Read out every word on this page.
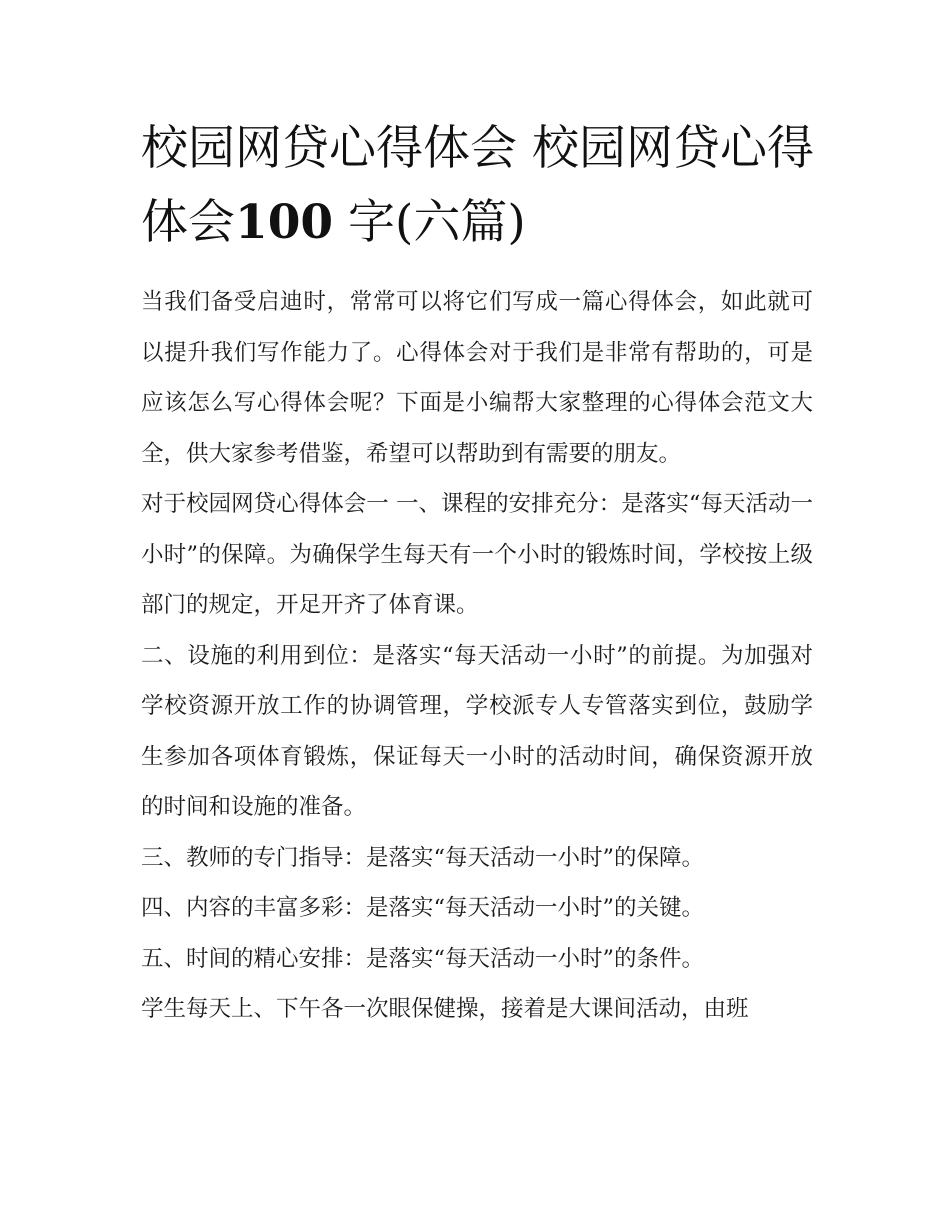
校园网贷心得体会 校园网贷心得体会100 字(六篇)

当我们备受启迪时，常常可以将它们写成一篇心得体会，如此就可以提升我们写作能力了。心得体会对于我们是非常有帮助的，可是应该怎么写心得体会呢？下面是小编帮大家整理的心得体会范文大全，供大家参考借鉴，希望可以帮助到有需要的朋友。

对于校园网贷心得体会一 一、课程的安排充分：是落实“每天活动一小时”的保障。为确保学生每天有一个小时的锻炼时间，学校按上级部门的规定，开足开齐了体育课。

二、设施的利用到位：是落实“每天活动一小时”的前提。为加强对学校资源开放工作的协调管理，学校派专人专管落实到位，鼓励学生参加各项体育锻炼，保证每天一小时的活动时间，确保资源开放的时间和设施的准备。

三、教师的专门指导：是落实“每天活动一小时”的保障。

四、内容的丰富多彩：是落实“每天活动一小时”的关键。

五、时间的精心安排：是落实“每天活动一小时”的条件。

学生每天上、下午各一次眼保健操，接着是大课间活动，由班
